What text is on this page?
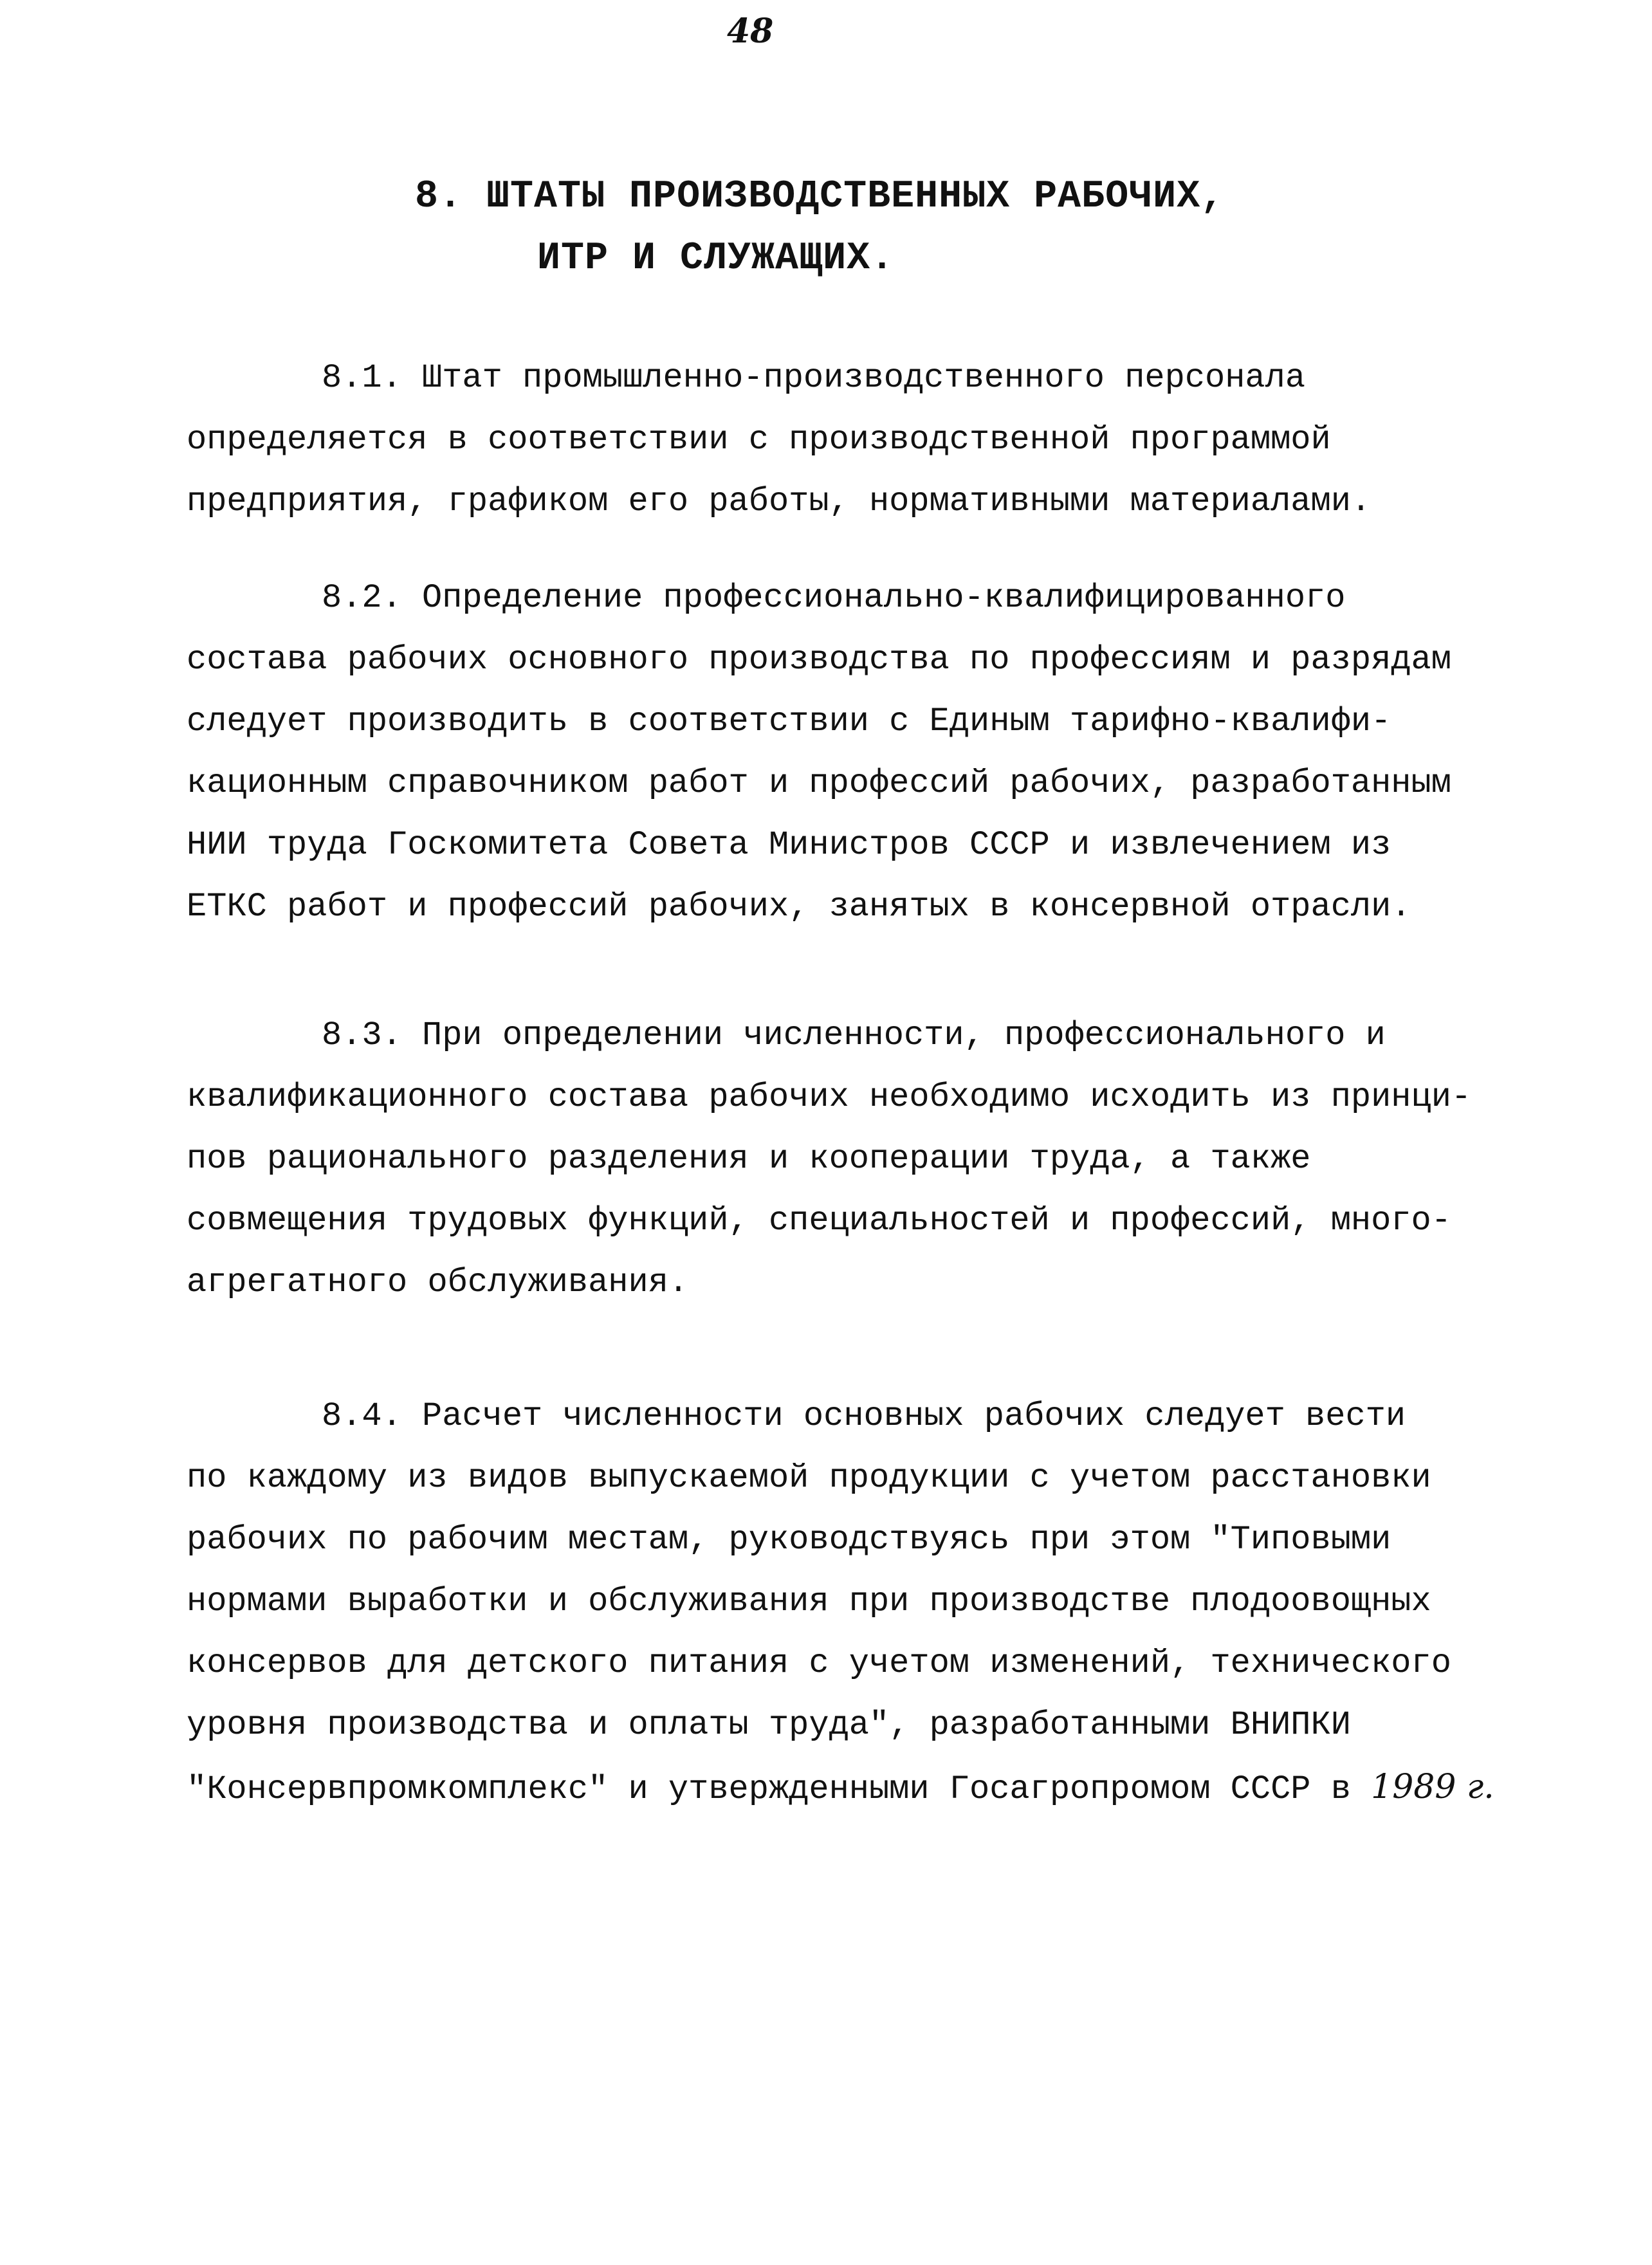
48
8. ШТАТЫ ПРОИЗВОДСТВЕННЫХ РАБОЧИХ,
ИТР И СЛУЖАЩИХ.
8.1. Штат промышленно-производственного персонала
определяется в соответствии с производственной программой
предприятия, графиком его работы, нормативными материалами.
8.2. Определение профессионально-квалифицированного
состава рабочих основного производства по профессиям и разрядам
следует производить в соответствии с Единым тарифно-квалифи-
кационным справочником работ и профессий рабочих, разработанным
НИИ труда Госкомитета Совета Министров СССР и извлечением из
ЕТКС работ и профессий рабочих, занятых в консервной отрасли.
8.3. При определении численности, профессионального и
квалификационного состава рабочих необходимо исходить из принци-
пов рационального разделения и кооперации труда, а также
совмещения трудовых функций, специальностей и профессий, много-
агрегатного обслуживания.
8.4. Расчет численности основных рабочих следует вести
по каждому из видов выпускаемой продукции с учетом расстановки
рабочих по рабочим местам, руководствуясь при этом "Типовыми
нормами выработки и обслуживания при производстве плодоовощных
консервов для детского питания с учетом изменений, технического
уровня производства и оплаты труда", разработанными ВНИПКИ
"Консервпромкомплекс" и утвержденными Госагропромом СССР в 1989 г.
